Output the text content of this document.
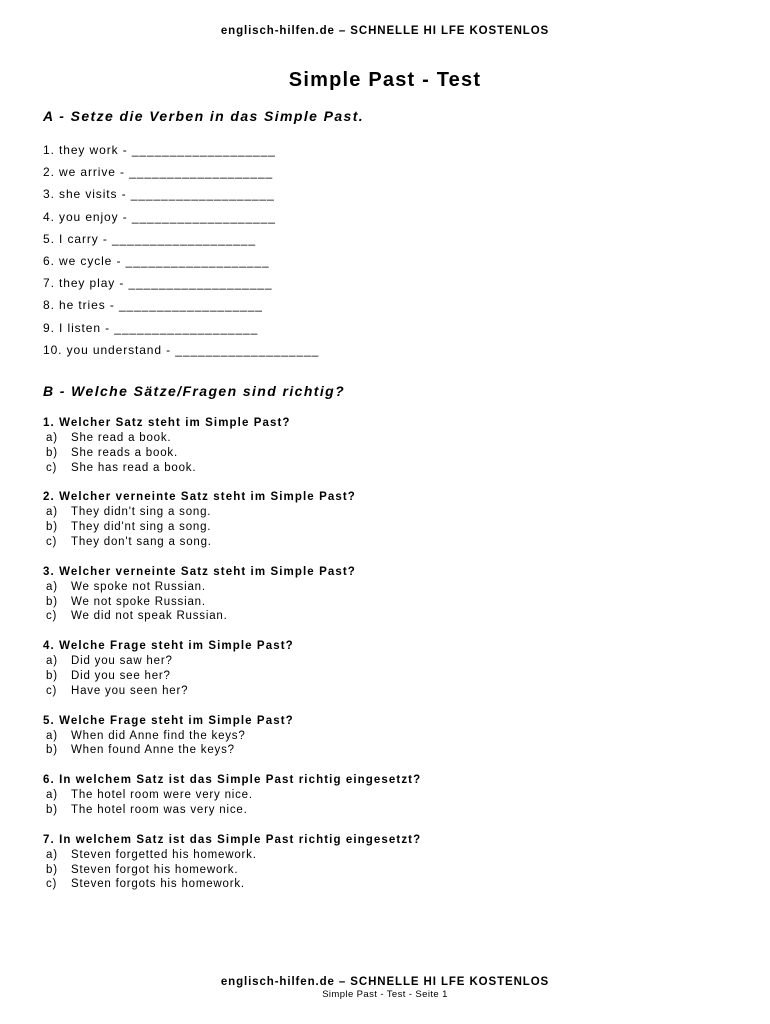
englisch-hilfen.de – SCHNELLE HI LFE KOSTENLOS
Simple Past - Test
A - Setze die Verben in das Simple Past.
1. they work - ___________________
2. we arrive - ___________________
3. she visits - ___________________
4. you enjoy - ___________________
5. I carry - ___________________
6. we cycle - ___________________
7. they play - ___________________
8. he tries - ___________________
9. I listen - ___________________
10. you understand - ___________________
B - Welche Sätze/Fragen sind richtig?
1. Welcher Satz steht im Simple Past?
a) She read a book.
b) She reads a book.
c) She has read a book.
2. Welcher verneinte Satz steht im Simple Past?
a) They didn't sing a song.
b) They did'nt sing a song.
c) They don't sang a song.
3. Welcher verneinte Satz steht im Simple Past?
a) We spoke not Russian.
b) We not spoke Russian.
c) We did not speak Russian.
4. Welche Frage steht im Simple Past?
a) Did you saw her?
b) Did you see her?
c) Have you seen her?
5. Welche Frage steht im Simple Past?
a) When did Anne find the keys?
b) When found Anne the keys?
6. In welchem Satz ist das Simple Past richtig eingesetzt?
a) The hotel room were very nice.
b) The hotel room was very nice.
7. In welchem Satz ist das Simple Past richtig eingesetzt?
a) Steven forgetted his homework.
b) Steven forgot his homework.
c) Steven forgots his homework.
englisch-hilfen.de – SCHNELLE HI LFE KOSTENLOS
Simple Past - Test - Seite 1
